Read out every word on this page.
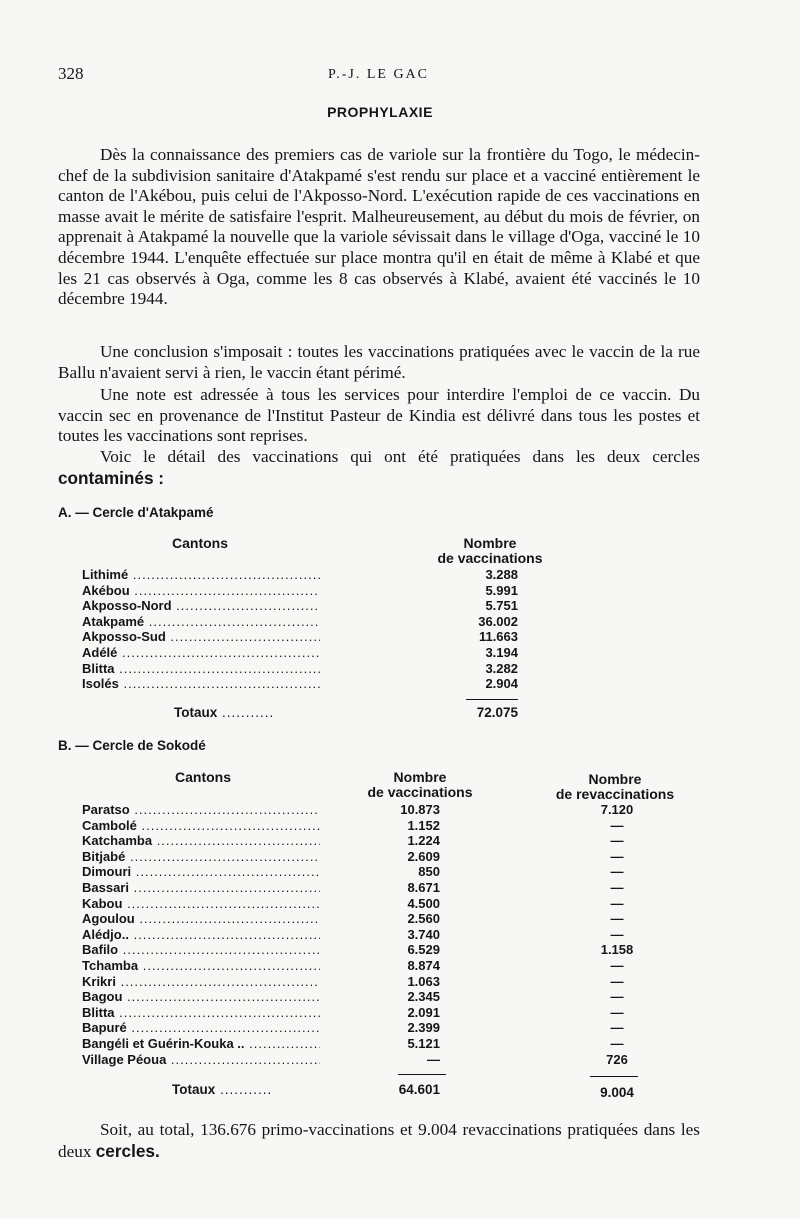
328	P.-J. LE GAC
PROPHYLAXIE

Dès la connaissance des premiers cas de variole sur la frontière du Togo, le médecin-chef de la subdivision sanitaire d'Atakpamé s'est rendu sur place et a vacciné entièrement le canton de l'Akébou, puis celui de l'Akposso-Nord. L'exécution rapide de ces vaccinations en masse avait le mérite de satisfaire l'esprit. Malheureusement, au début du mois de février, on apprenait à Atakpamé la nouvelle que la variole sévissait dans le village d'Oga, vacciné le 10 décembre 1944. L'enquête effectuée sur place montra qu'il en était de même à Klabé et que les 21 cas observés à Oga, comme les 8 cas observés à Klabé, avaient été vaccinés le 10 décembre 1944.

Une conclusion s'imposait : toutes les vaccinations pratiquées avec le vaccin de la rue Ballu n'avaient servi à rien, le vaccin étant périmé.

Une note est adressée à tous les services pour interdire l'emploi de ce vaccin. Du vaccin sec en provenance de l'Institut Pasteur de Kindia est délivré dans tous les postes et toutes les vaccinations sont reprises.

Voic le détail des vaccinations qui ont été pratiquées dans les deux cercles contaminés :

A. — Cercle d'Atakpamé
Cantons	Nombre
de vaccinations
Lithimé .....	3.288
Akébou .....	5.991
Akposso-Nord .....	5.751
Atakpamé .....	36.002
Akposso-Sud .....	11.663
Adélé .....	3.194
Blitta .....	3.282
Isolés .....	2.904
Totaux .....	72.075
B. — Cercle de Sokodé
Cantons	Nombre
de vaccinations
Nombre
de revaccinations
Paratso .....	10.873	7.120
Cambolé .....	1.152	—
Katchamba .....	1.224	—
Bitjabé .....	2.609	—
Dimouri .....	850	—
Bassari .....	8.671	—
Kabou .....	4.500	—
Agoulou .....	2.560	—
Alédjo.. .....	3.740	—
Bafilo .....	6.529	1.158
Tchamba .....	8.874	—
Krikri .....	1.063	—
Bagou .....	2.345	—
Blitta .....	2.091	—
Bapuré .....	2.399	—
Bangéli et Guérin-Kouka .. .....	5.121	—
Village Péoua .....	—	726
Totaux .....	64.601	9.004

Soit, au total, 136.676 primo-vaccinations et 9.004 revaccinations pratiquées dans les deux cercles.
